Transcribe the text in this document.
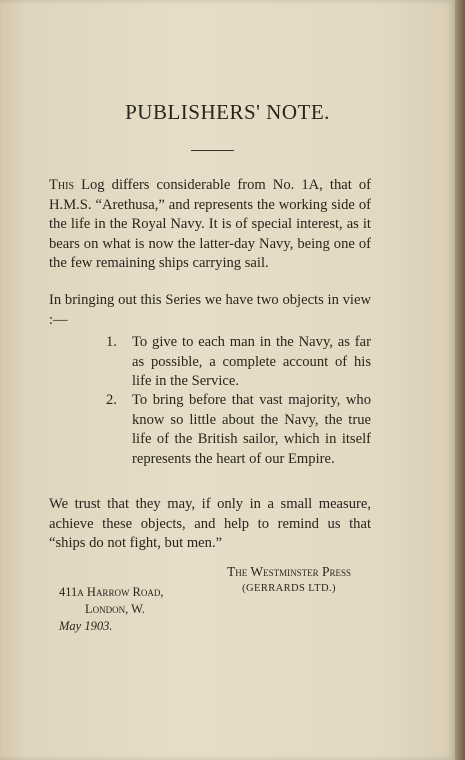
PUBLISHERS' NOTE.
This Log differs considerable from No. 1A, that of H.M.S. “Arethusa,” and represents the working side of the life in the Royal Navy. It is of special interest, as it bears on what is now the latter-day Navy, being one of the few remaining ships carrying sail.
In bringing out this Series we have two objects in view :—
1.	To give to each man in the Navy, as far as possible, a complete account of his life in the Service.
2.	To bring before that vast majority, who know so little about the Navy, the true life of the British sailor, which in itself represents the heart of our Empire.
We trust that they may, if only in a small measure, achieve these objects, and help to remind us that “ships do not fight, but men.”
The Westminster Press
(GERRARDS LTD.)
411a Harrow Road,
London, W.
May 1903.
